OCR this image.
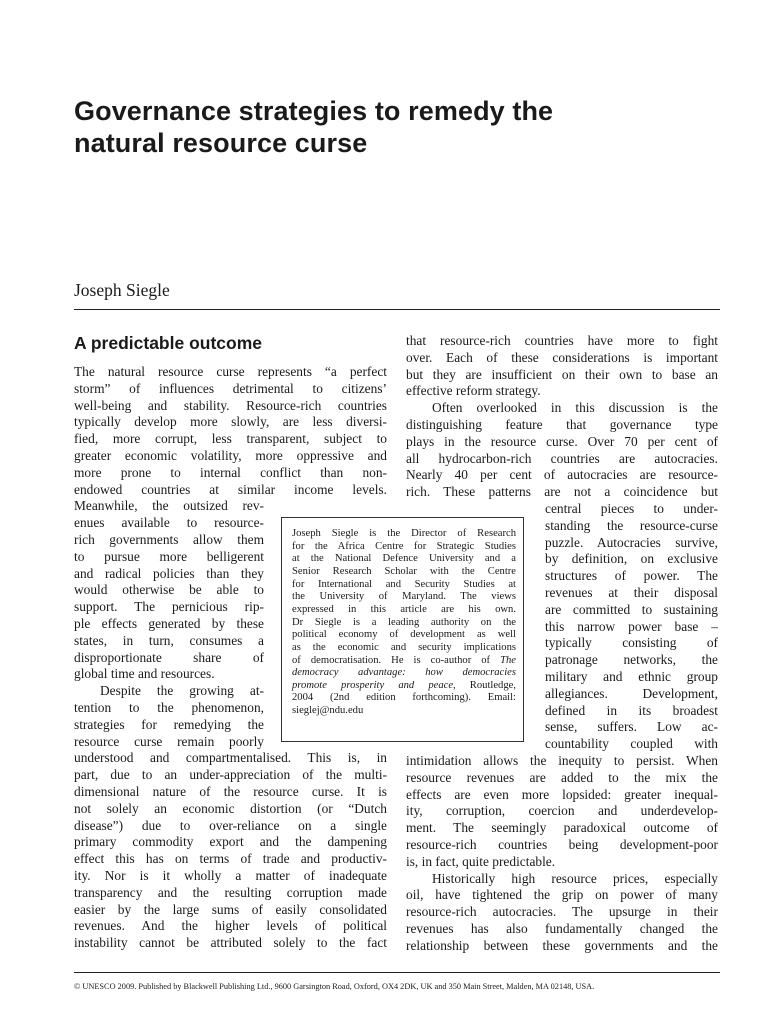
Governance strategies to remedy the
natural resource curse

Joseph Siegle

A predictable outcome
The natural resource curse represents “a perfect
storm” of influences detrimental to citizens’
well-being and stability. Resource-rich countries
typically develop more slowly, are less diversi-
fied, more corrupt, less transparent, subject to
greater economic volatility, more oppressive and
more prone to internal conflict than non-
endowed countries at similar income levels.
Meanwhile, the outsized rev-
enues available to resource-
rich governments allow them
to pursue more belligerent
and radical policies than they
would otherwise be able to
support. The pernicious rip-
ple effects generated by these
states, in turn, consumes a
disproportionate share of
global time and resources.
Despite the growing at-
tention to the phenomenon,
strategies for remedying the
resource curse remain poorly
understood and compartmentalised. This is, in
part, due to an under-appreciation of the multi-
dimensional nature of the resource curse. It is
not solely an economic distortion (or “Dutch
disease”) due to over-reliance on a single
primary commodity export and the dampening
effect this has on terms of trade and productiv-
ity. Nor is it wholly a matter of inadequate
transparency and the resulting corruption made
easier by the large sums of easily consolidated
revenues. And the higher levels of political
instability cannot be attributed solely to the fact
that resource-rich countries have more to fight
over. Each of these considerations is important
but they are insufficient on their own to base an
effective reform strategy.
Often overlooked in this discussion is the
distinguishing feature that governance type
plays in the resource curse. Over 70 per cent of
all hydrocarbon-rich countries are autocracies.
Nearly 40 per cent of autocracies are resource-
rich. These patterns are not a coincidence but
central pieces to under-
standing the resource-curse
puzzle. Autocracies survive,
by definition, on exclusive
structures of power. The
revenues at their disposal
are committed to sustaining
this narrow power base –
typically consisting of
patronage networks, the
military and ethnic group
allegiances. Development,
defined in its broadest
sense, suffers. Low ac-
countability coupled with
intimidation allows the inequity to persist. When
resource revenues are added to the mix the
effects are even more lopsided: greater inequal-
ity, corruption, coercion and underdevelop-
ment. The seemingly paradoxical outcome of
resource-rich countries being development-poor
is, in fact, quite predictable.
Historically high resource prices, especially
oil, have tightened the grip on power of many
resource-rich autocracies. The upsurge in their
revenues has also fundamentally changed the
relationship between these governments and the
Joseph Siegle is the Director of Research
for the Africa Centre for Strategic Studies
at the National Defence University and a
Senior Research Scholar with the Centre
for International and Security Studies at
the University of Maryland. The views
expressed in this article are his own.
Dr Siegle is a leading authority on the
political economy of development as well
as the economic and security implications
of democratisation. He is co-author of The
democracy advantage: how democracies
promote prosperity and peace, Routledge,
2004 (2nd edition forthcoming). Email:
sieglej@ndu.edu

© UNESCO 2009. Published by Blackwell Publishing Ltd., 9600 Garsington Road, Oxford, OX4 2DK, UK and 350 Main Street, Malden, MA 02148, USA.
